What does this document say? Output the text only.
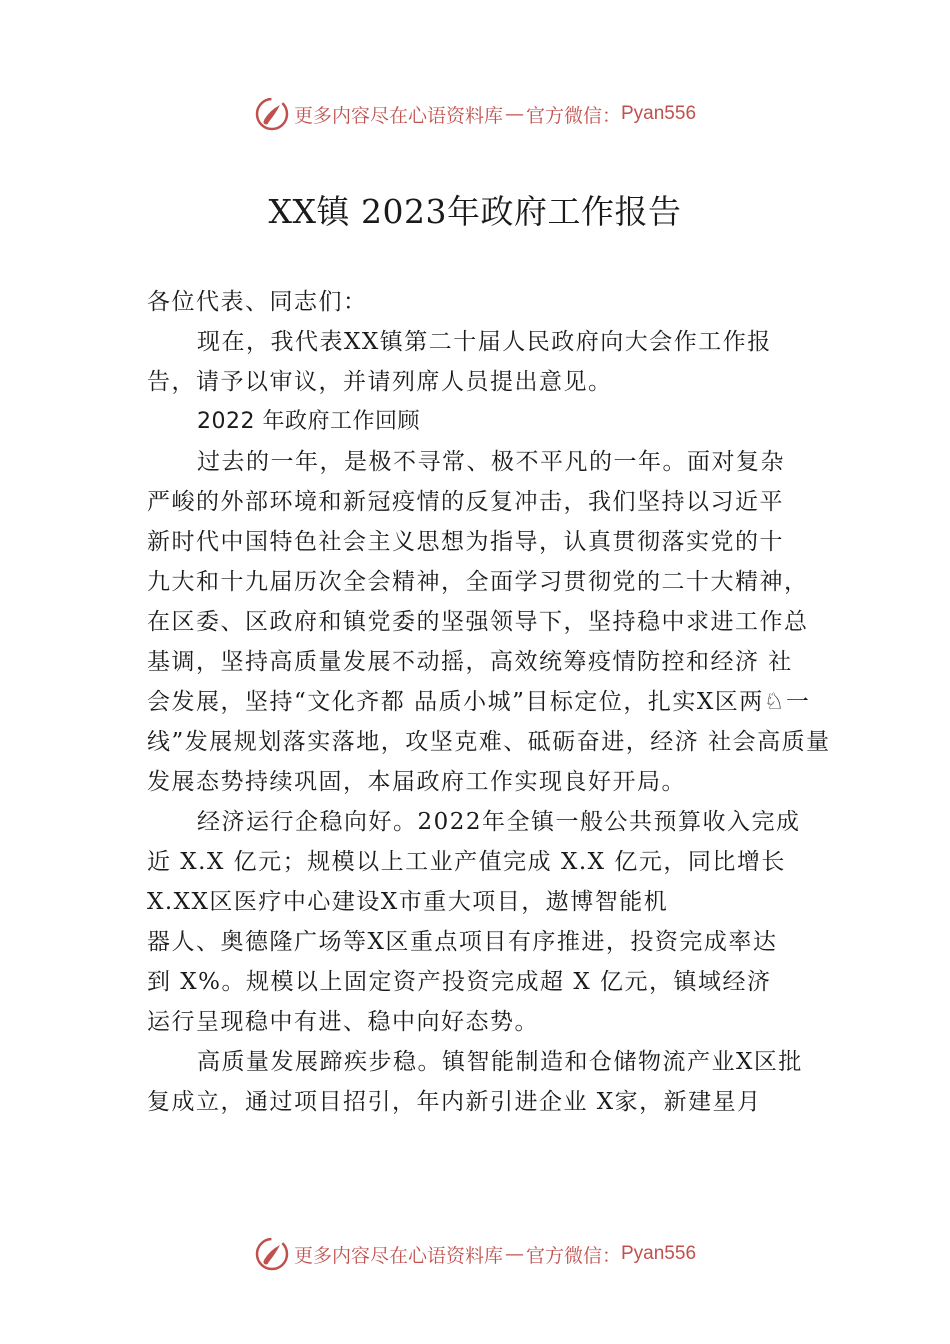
更多内容尽在心语资料库 — 官方微信： Pyan556
XX镇 2023年政府工作报告
各位代表、同志们：
现在，我代表XX镇第二十届人民政府向大会作工作报
告，请予以审议，并请列席人员提出意见。
2022 年政府工作回顾
过去的一年，是极不寻常、极不平凡的一年。面对复杂
严峻的外部环境和新冠疫情的反复冲击，我们坚持以习近平
新时代中国特色社会主义思想为指导，认真贯彻落实党的十
九大和十九届历次全会精神，全面学习贯彻党的二十大精神，
在区委、区政府和镇党委的坚强领导下，坚持稳中求进工作总
基调，坚持高质量发展不动摇，高效统筹疫情防控和经济 社
会发展，坚持“文化齐都 品质小城”目标定位，扎实X区两♘一
线”发展规划落实落地，攻坚克难、砥砺奋进，经济 社会高质量
发展态势持续巩固，本届政府工作实现良好开局。
经济运行企稳向好。2022年全镇一般公共预算收入完成
近 X.X 亿元；规模以上工业产值完成 X.X 亿元，同比增长
X.XX区医疗中心建设X市重大项目，遨博智能机
器人、奥德隆广场等X区重点项目有序推进，投资完成率达
到 X%。规模以上固定资产投资完成超 X 亿元，镇域经济
运行呈现稳中有进、稳中向好态势。
高质量发展蹄疾步稳。镇智能制造和仓储物流产业X区批
复成立，通过项目招引，年内新引进企业 X家，新建星月
更多内容尽在心语资料库 — 官方微信： Pyan556
